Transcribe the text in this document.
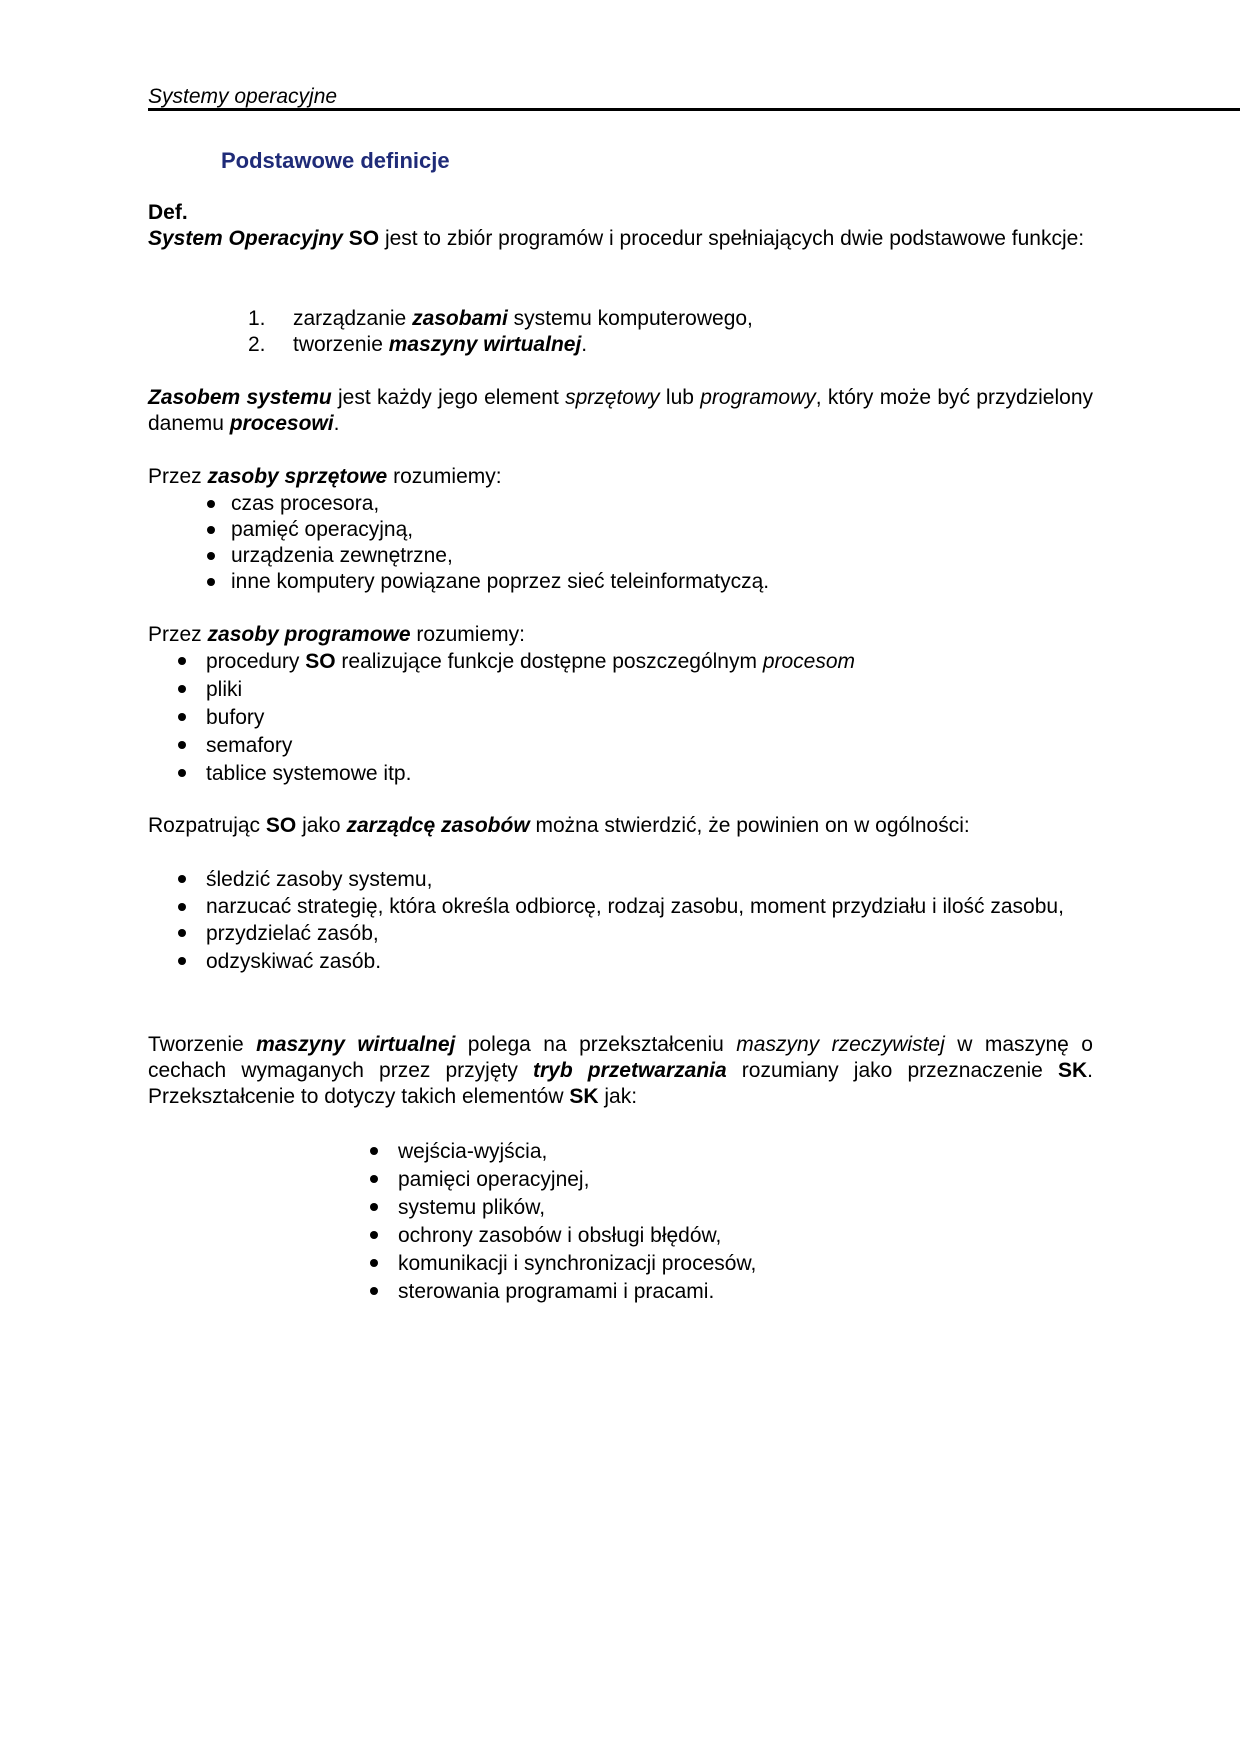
Systemy operacyjne
Podstawowe definicje

Def.

System Operacyjny SO jest to zbiór programów i procedur spełniających dwie podstawowe funkcje:

1. zarządzanie zasobami systemu komputerowego,
2. tworzenie maszyny wirtualnej.

Zasobem systemu jest każdy jego element sprzętowy lub programowy, który może być przydzielony danemu procesowi.

Przez zasoby sprzętowe rozumiemy:

czas procesora,
pamięć operacyjną,
urządzenia zewnętrzne,
inne komputery powiązane poprzez sieć teleinformatyczą.

Przez zasoby programowe rozumiemy:

procedury SO realizujące funkcje dostępne poszczególnym procesom
pliki
bufory
semafory
tablice systemowe itp.

Rozpatrując SO jako zarządcę zasobów można stwierdzić, że powinien on w ogólności:

śledzić zasoby systemu,
narzucać strategię, która określa odbiorcę, rodzaj zasobu, moment przydziału i ilość zasobu,
przydzielać zasób,
odzyskiwać zasób.

Tworzenie maszyny wirtualnej polega na przekształceniu maszyny rzeczywistej w maszynę o cechach wymaganych przez przyjęty tryb przetwarzania rozumiany jako przeznaczenie SK. Przekształcenie to dotyczy takich elementów SK jak:

wejścia-wyjścia,
pamięci operacyjnej,
systemu plików,
ochrony zasobów i obsługi błędów,
komunikacji i synchronizacji procesów,
sterowania programami i pracami.
